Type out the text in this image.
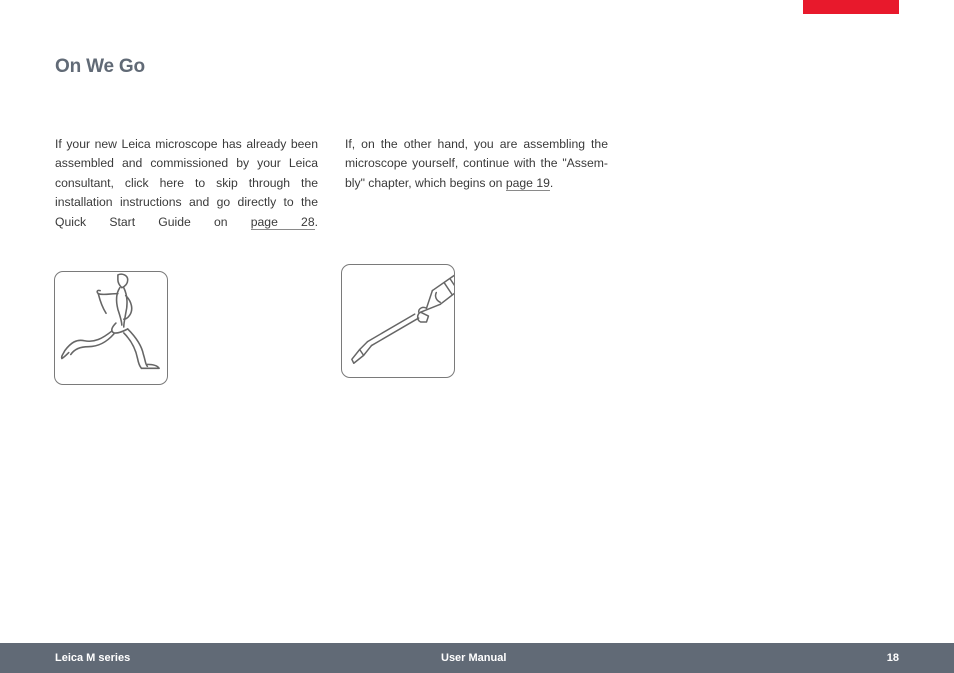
On We Go
If your new Leica microscope has already been assembled and commissioned by your Leica consultant, click here to skip through the installation instructions and go directly to the Quick Start Guide on page 28.

If, on the other hand, you are assembling the microscope yourself, continue with the "Assem-bly" chapter, which begins on page 19.

Leica M series	User Manual	18
